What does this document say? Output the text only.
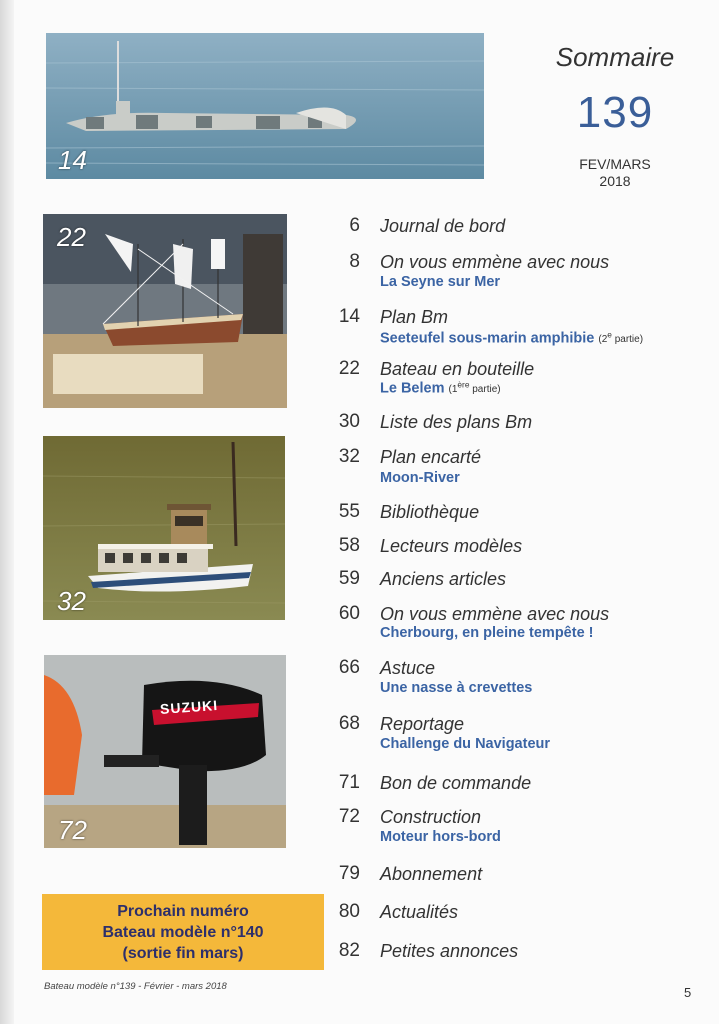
Sommaire
139
FEV/MARS
2018
14
22
32
SUZUKI
72
Prochain numéro
Bateau modèle n°140
(sortie fin mars)
6 Journal de bord
8 On vous emmène avec nous
La Seyne sur Mer
14 Plan Bm
Seeteufel sous-marin amphibie (2e partie)
22 Bateau en bouteille
Le Belem (1ère partie)
30 Liste des plans Bm
32 Plan encarté
Moon-River
55 Bibliothèque
58 Lecteurs modèles
59 Anciens articles
60 On vous emmène avec nous
Cherbourg, en pleine tempête !
66 Astuce
Une nasse à crevettes
68 Reportage
Challenge du Navigateur
71 Bon de commande
72 Construction
Moteur hors-bord
79 Abonnement
80 Actualités
82 Petites annonces
Bateau modèle n°139 - Février - mars 2018	5
